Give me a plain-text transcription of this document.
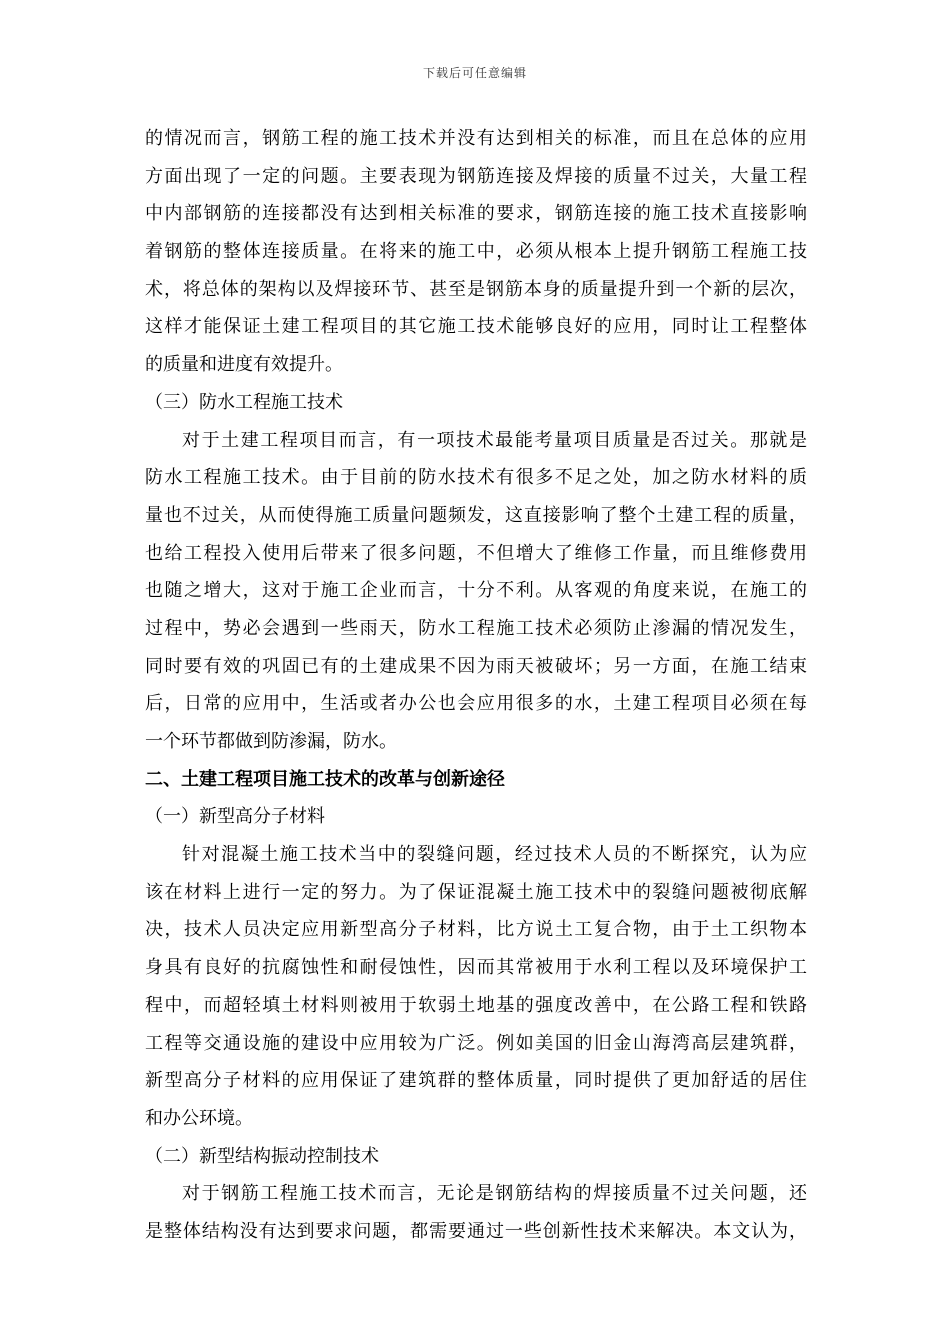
下载后可任意编辑
的情况而言，钢筋工程的施工技术并没有达到相关的标准，而且在总体的应用
方面出现了一定的问题。主要表现为钢筋连接及焊接的质量不过关，大量工程
中内部钢筋的连接都没有达到相关标准的要求，钢筋连接的施工技术直接影响
着钢筋的整体连接质量。在将来的施工中，必须从根本上提升钢筋工程施工技
术，将总体的架构以及焊接环节、甚至是钢筋本身的质量提升到一个新的层次，
这样才能保证土建工程项目的其它施工技术能够良好的应用，同时让工程整体
的质量和进度有效提升。
（三）防水工程施工技术
对于土建工程项目而言，有一项技术最能考量项目质量是否过关。那就是
防水工程施工技术。由于目前的防水技术有很多不足之处，加之防水材料的质
量也不过关，从而使得施工质量问题频发，这直接影响了整个土建工程的质量，
也给工程投入使用后带来了很多问题，不但增大了维修工作量，而且维修费用
也随之增大，这对于施工企业而言，十分不利。从客观的角度来说，在施工的
过程中，势必会遇到一些雨天，防水工程施工技术必须防止渗漏的情况发生，
同时要有效的巩固已有的土建成果不因为雨天被破坏；另一方面，在施工结束
后，日常的应用中，生活或者办公也会应用很多的水，土建工程项目必须在每
一个环节都做到防渗漏，防水。
二、土建工程项目施工技术的改革与创新途径
（一）新型高分子材料
针对混凝土施工技术当中的裂缝问题，经过技术人员的不断探究，认为应
该在材料上进行一定的努力。为了保证混凝土施工技术中的裂缝问题被彻底解
决，技术人员决定应用新型高分子材料，比方说土工复合物，由于土工织物本
身具有良好的抗腐蚀性和耐侵蚀性，因而其常被用于水利工程以及环境保护工
程中，而超轻填土材料则被用于软弱土地基的强度改善中，在公路工程和铁路
工程等交通设施的建设中应用较为广泛。例如美国的旧金山海湾高层建筑群，
新型高分子材料的应用保证了建筑群的整体质量，同时提供了更加舒适的居住
和办公环境。
（二）新型结构振动控制技术
对于钢筋工程施工技术而言，无论是钢筋结构的焊接质量不过关问题，还
是整体结构没有达到要求问题，都需要通过一些创新性技术来解决。本文认为，
